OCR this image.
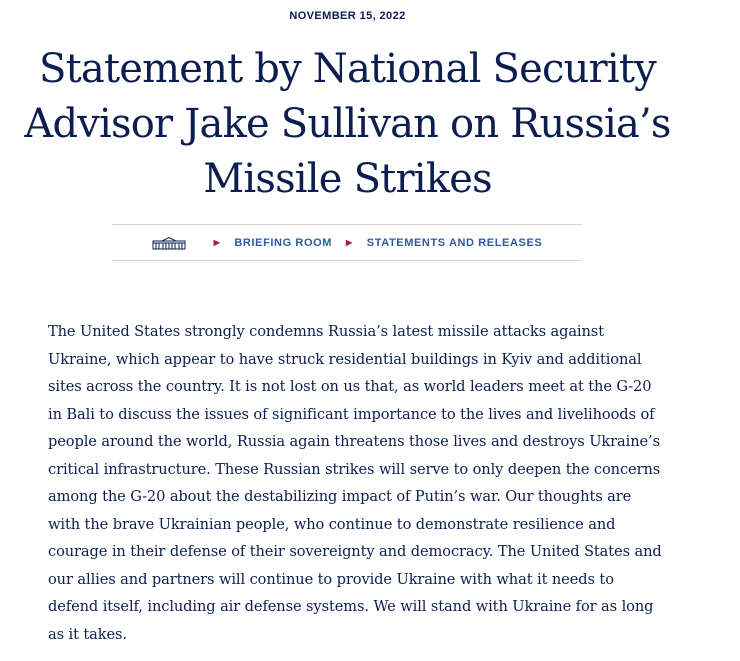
NOVEMBER 15, 2022
Statement by National Security Advisor Jake Sullivan on Russia’s Missile Strikes
▶ BRIEFING ROOM ▶ STATEMENTS AND RELEASES

The United States strongly condemns Russia’s latest missile attacks against Ukraine, which appear to have struck residential buildings in Kyiv and additional sites across the country. It is not lost on us that, as world leaders meet at the G-20 in Bali to discuss the issues of significant importance to the lives and livelihoods of people around the world, Russia again threatens those lives and destroys Ukraine’s critical infrastructure. These Russian strikes will serve to only deepen the concerns among the G-20 about the destabilizing impact of Putin’s war. Our thoughts are with the brave Ukrainian people, who continue to demonstrate resilience and courage in their defense of their sovereignty and democracy. The United States and our allies and partners will continue to provide Ukraine with what it needs to defend itself, including air defense systems. We will stand with Ukraine for as long as it takes.
